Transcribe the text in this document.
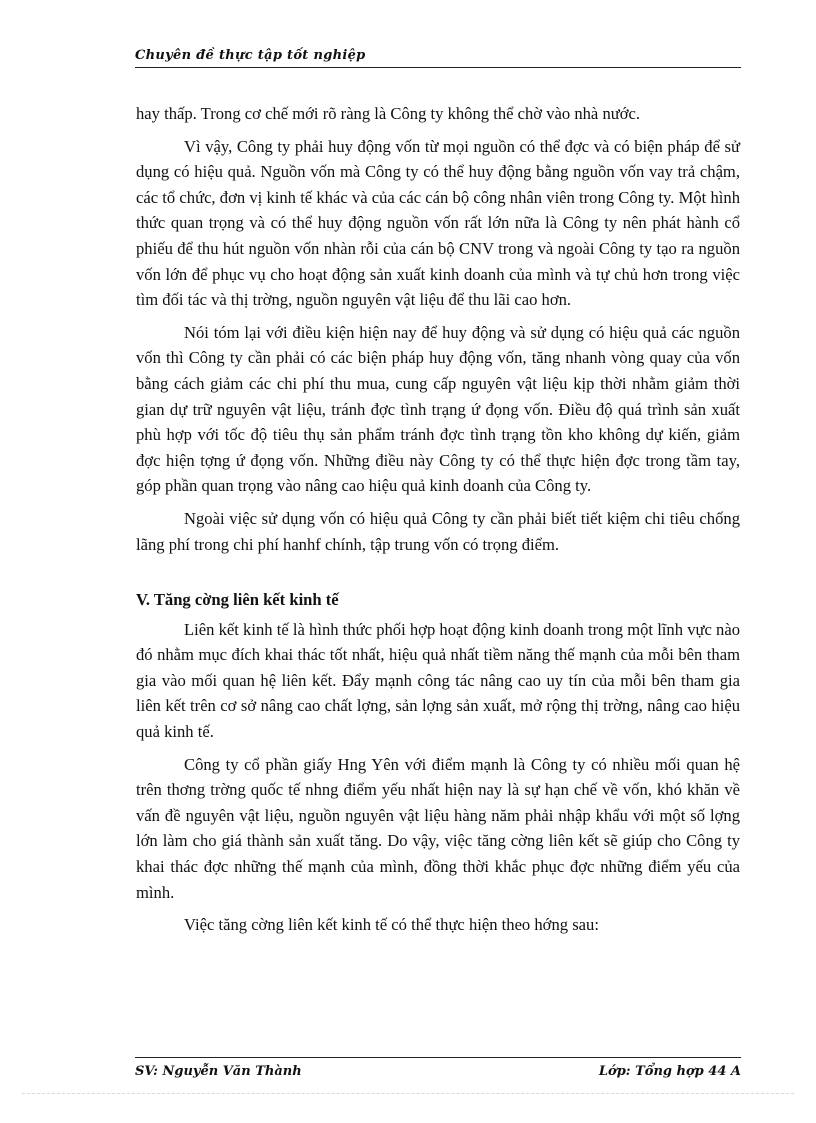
Chuyên đề thực tập tốt nghiệp

hay thấp. Trong cơ chế mới rõ ràng là Công ty không thể chờ vào nhà nước.

Vì vậy, Công ty phải huy động vốn từ mọi nguồn có thể đợc và có biện pháp để sử dụng có hiệu quả. Nguồn vốn mà Công ty có thể huy động bằng nguồn vốn vay trả chậm, các tổ chức, đơn vị kinh tế khác và của các cán bộ công nhân viên trong Công ty. Một hình thức quan trọng và có thể huy động nguồn vốn rất lớn nữa là Công ty nên phát hành cổ phiếu để thu hút nguồn vốn nhàn rỗi của cán bộ CNV trong và ngoài Công ty tạo ra nguồn vốn lớn để phục vụ cho hoạt động sản xuất kinh doanh của mình và tự chủ hơn trong việc tìm đối tác và thị trờng, nguồn nguyên vật liệu để thu lãi cao hơn.

Nói tóm lại với điều kiện hiện nay để huy động và sử dụng có hiệu quả các nguồn vốn thì Công ty cần phải có các biện pháp huy động vốn, tăng nhanh vòng quay của vốn bằng cách giảm các chi phí thu mua, cung cấp nguyên vật liệu kịp thời nhằm giảm thời gian dự trữ nguyên vật liệu, tránh đợc tình trạng ứ đọng vốn. Điều độ quá trình sản xuất phù hợp với tốc độ tiêu thụ sản phẩm tránh đợc tình trạng tồn kho không dự kiến, giảm đợc hiện tợng ứ đọng vốn. Những điều này Công ty có thể thực hiện đợc trong tầm tay, góp phần quan trọng vào nâng cao hiệu quả kinh doanh của Công ty.

Ngoài việc sử dụng vốn có hiệu quả Công ty cần phải biết tiết kiệm chi tiêu chống lãng phí trong chi phí hanhf chính, tập trung vốn có trọng điểm.

V. Tăng cờng liên kết kinh tế

Liên kết kinh tế là hình thức phối hợp hoạt động kinh doanh trong một lĩnh vực nào đó nhằm mục đích khai thác tốt nhất, hiệu quả nhất tiềm năng thế mạnh của mỗi bên tham gia vào mối quan hệ liên kết. Đẩy mạnh công tác nâng cao uy tín của mỗi bên tham gia liên kết trên cơ sở nâng cao chất lợng, sản lợng sản xuất, mở rộng thị trờng, nâng cao hiệu quả kinh tế.

Công ty cổ phần giấy Hng Yên với điểm mạnh là Công ty có nhiều mối quan hệ trên thơng trờng quốc tế nhng điểm yếu nhất hiện nay là sự hạn chế về vốn, khó khăn về vấn đề nguyên vật liệu, nguồn nguyên vật liệu hàng năm phải nhập khẩu với một số lợng lớn làm cho giá thành sản xuất tăng. Do vậy, việc tăng cờng liên kết sẽ giúp cho Công ty khai thác đợc những thế mạnh của mình, đồng thời khắc phục đợc những điểm yếu của mình.

Việc tăng cờng liên kết kinh tế có thể thực hiện theo hớng sau:

SV: Nguyễn Văn Thành	Lớp: Tổng hợp 44 A
